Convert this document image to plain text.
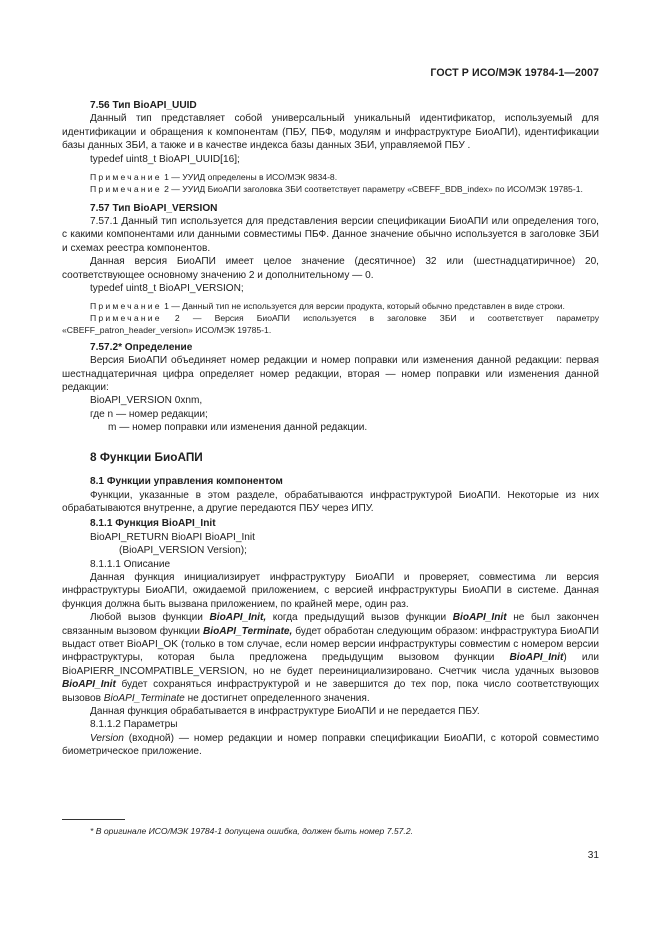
ГОСТ Р ИСО/МЭК 19784-1—2007

7.56 Тип BioAPI_UUID

Данный тип представляет собой универсальный уникальный идентификатор, используемый для идентификации и обращения к компонентам (ПБУ, ПБФ, модулям и инфраструктуре БиоАПИ), идентификации базы данных ЗБИ, а также и в качестве индекса базы данных ЗБИ, управляемой ПБУ .

typedef uint8_t BioAPI_UUID[16];

Примечание 1 — УУИД определены в ИСО/МЭК 9834-8.

Примечание 2 — УУИД БиоАПИ заголовка ЗБИ соответствует параметру «CBEFF_BDB_index» по ИСО/МЭК 19785-1.

7.57 Тип BioAPI_VERSION

7.57.1 Данный тип используется для представления версии спецификации БиоАПИ или определения того, с какими компонентами или данными совместимы ПБФ. Данное значение обычно используется в заголовке ЗБИ и схемах реестра компонентов.

Данная версия БиоАПИ имеет целое значение (десятичное) 32 или (шестнадцатиричное) 20, соответствующее основному значению 2 и дополнительному — 0.

typedef uint8_t BioAPI_VERSION;

Примечание 1 — Данный тип не используется для версии продукта, который обычно представлен в виде строки.

Примечание 2 — Версия БиоАПИ используется в заголовке ЗБИ и соответствует параметру «CBEFF_patron_header_version» ИСО/МЭК 19785-1.

7.57.2* Определение

Версия БиоАПИ объединяет номер редакции и номер поправки или изменения данной редакции: первая шестнадцатеричная цифра определяет номер редакции, вторая — номер поправки или изменения данной редакции:

BioAPI_VERSION 0xnm,

где n — номер редакции;

m — номер поправки или изменения данной редакции.

8 Функции БиоАПИ

8.1 Функции управления компонентом

Функции, указанные в этом разделе, обрабатываются инфраструктурой БиоАПИ. Некоторые из них обрабатываются внутренне, а другие передаются ПБУ через ИПУ.

8.1.1 Функция BioAPI_Init

BioAPI_RETURN BioAPI BioAPI_Init

(BioAPI_VERSION Version);

8.1.1.1 Описание

Данная функция инициализирует инфраструктуру БиоАПИ и проверяет, совместима ли версия инфраструктуры БиоАПИ, ожидаемой приложением, с версией инфраструктуры БиоАПИ в системе. Данная функция должна быть вызвана приложением, по крайней мере, один раз.

Любой вызов функции BioAPI_Init, когда предыдущий вызов функции BioAPI_Init не был закончен связанным вызовом функции BioAPI_Terminate, будет обработан следующим образом: инфраструктура БиоАПИ выдаст ответ BioAPI_OK (только в том случае, если номер версии инфраструктуры совместим с номером версии инфраструктуры, которая была предложена предыдущим вызовом функции BioAPI_Init) или BioAPIERR_INCOMPATIBLE_VERSION, но не будет переинициализировано. Счетчик числа удачных вызовов BioAPI_Init будет сохраняться инфраструктурой и не завершится до тех пор, пока число соответствующих вызовов BioAPI_Terminate не достигнет определенного значения.

Данная функция обрабатывается в инфраструктуре БиоАПИ и не передается ПБУ.

8.1.1.2 Параметры

Version (входной) — номер редакции и номер поправки спецификации БиоАПИ, с которой совместимо биометрическое приложение.

* В оригинале ИСО/МЭК 19784-1 допущена ошибка, должен быть номер 7.57.2.
31
